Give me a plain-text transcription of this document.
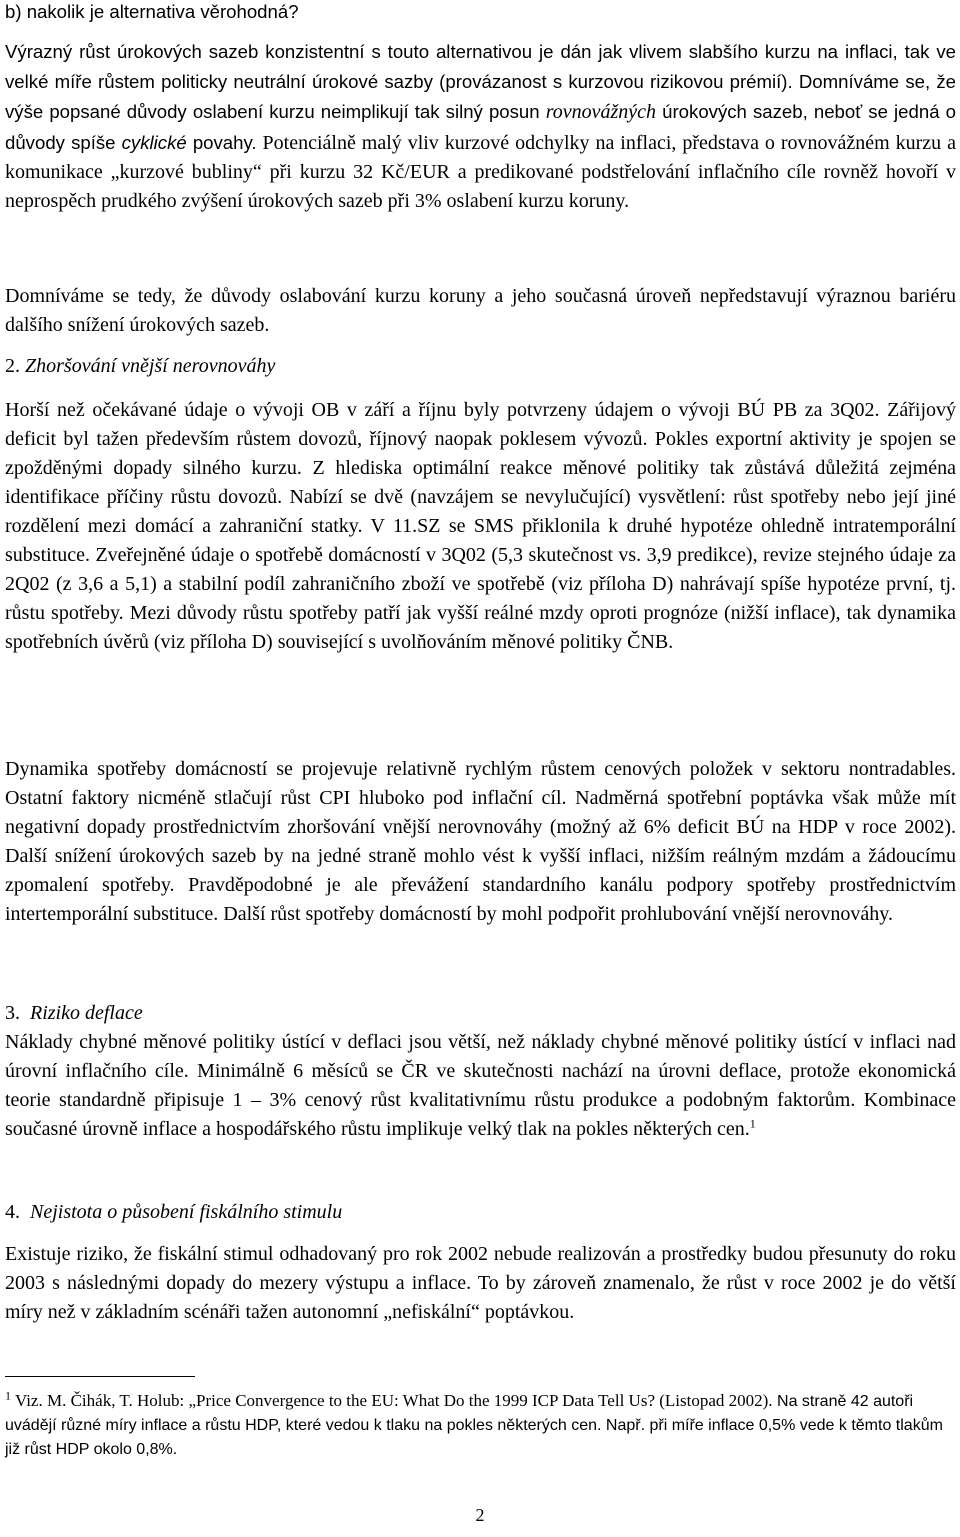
b) nakolik je alternativa věrohodná?

Výrazný růst úrokových sazeb konzistentní s touto alternativou je dán jak vlivem slabšího kurzu na inflaci, tak ve velké míře růstem politicky neutrální úrokové sazby (provázanost s kurzovou rizikovou prémií). Domníváme se, že výše popsané důvody oslabení kurzu neimplikují tak silný posun rovnovážných úrokových sazeb, neboť se jedná o důvody spíše cyklické povahy. Potenciálně malý vliv kurzové odchylky na inflaci, představa o rovnovážném kurzu a komunikace „kurzové bubliny“ při kurzu 32 Kč/EUR a predikované podstřelování inflačního cíle rovněž hovoří v neprospěch prudkého zvýšení úrokových sazeb při 3% oslabení kurzu koruny.

Domníváme se tedy, že důvody oslabování kurzu koruny a jeho současná úroveň nepředstavují výraznou bariéru dalšího snížení úrokových sazeb.

2. Zhoršování vnější nerovnováhy

Horší než očekávané údaje o vývoji OB v září a říjnu byly potvrzeny údajem o vývoji BÚ PB za 3Q02. Zářijový deficit byl tažen především růstem dovozů, říjnový naopak poklesem vývozů. Pokles exportní aktivity je spojen se zpožděnými dopady silného kurzu. Z hlediska optimální reakce měnové politiky tak zůstává důležitá zejména identifikace příčiny růstu dovozů. Nabízí se dvě (navzájem se nevylučující) vysvětlení: růst spotřeby nebo její jiné rozdělení mezi domácí a zahraniční statky. V 11.SZ se SMS přiklonila k druhé hypotéze ohledně intratemporální substituce. Zveřejněné údaje o spotřebě domácností v 3Q02 (5,3 skutečnost vs. 3,9 predikce), revize stejného údaje za 2Q02 (z 3,6 a 5,1) a stabilní podíl zahraničního zboží ve spotřebě (viz příloha D) nahrávají spíše hypotéze první, tj. růstu spotřeby. Mezi důvody růstu spotřeby patří jak vyšší reálné mzdy oproti prognóze (nižší inflace), tak dynamika spotřebních úvěrů (viz příloha D) související s uvolňováním měnové politiky ČNB.

Dynamika spotřeby domácností se projevuje relativně rychlým růstem cenových položek v sektoru nontradables. Ostatní faktory nicméně stlačují růst CPI hluboko pod inflační cíl. Nadměrná spotřební poptávka však může mít negativní dopady prostřednictvím zhoršování vnější nerovnováhy (možný až 6% deficit BÚ na HDP v roce 2002). Další snížení úrokových sazeb by na jedné straně mohlo vést k vyšší inflaci, nižším reálným mzdám a žádoucímu zpomalení spotřeby. Pravděpodobné je ale převážení standardního kanálu podpory spotřeby prostřednictvím intertemporální substituce. Další růst spotřeby domácností by mohl podpořit prohlubování vnější nerovnováhy.

3. Riziko deflace

Náklady chybné měnové politiky ústící v deflaci jsou větší, než náklady chybné měnové politiky ústící v inflaci nad úrovní inflačního cíle. Minimálně 6 měsíců se ČR ve skutečnosti nachází na úrovni deflace, protože ekonomická teorie standardně připisuje 1 – 3% cenový růst kvalitativnímu růstu produkce a podobným faktorům. Kombinace současné úrovně inflace a hospodářského růstu implikuje velký tlak na pokles některých cen.$^1$

4. Nejistota o působení fiskálního stimulu

Existuje riziko, že fiskální stimul odhadovaný pro rok 2002 nebude realizován a prostředky budou přesunuty do roku 2003 s následnými dopady do mezery výstupu a inflace. To by zároveň znamenalo, že růst v roce 2002 je do větší míry než v základním scénáři tažen autonomní „nefiskální“ poptávkou.

$^1$ Viz. M. Čihák, T. Holub: „Price Convergence to the EU: What Do the 1999 ICP Data Tell Us? (Listopad 2002). Na straně 42 autoři uvádějí různé míry inflace a růstu HDP, které vedou k tlaku na pokles některých cen. Např. při míře inflace 0,5% vede k těmto tlakům již růst HDP okolo 0,8%.

2
